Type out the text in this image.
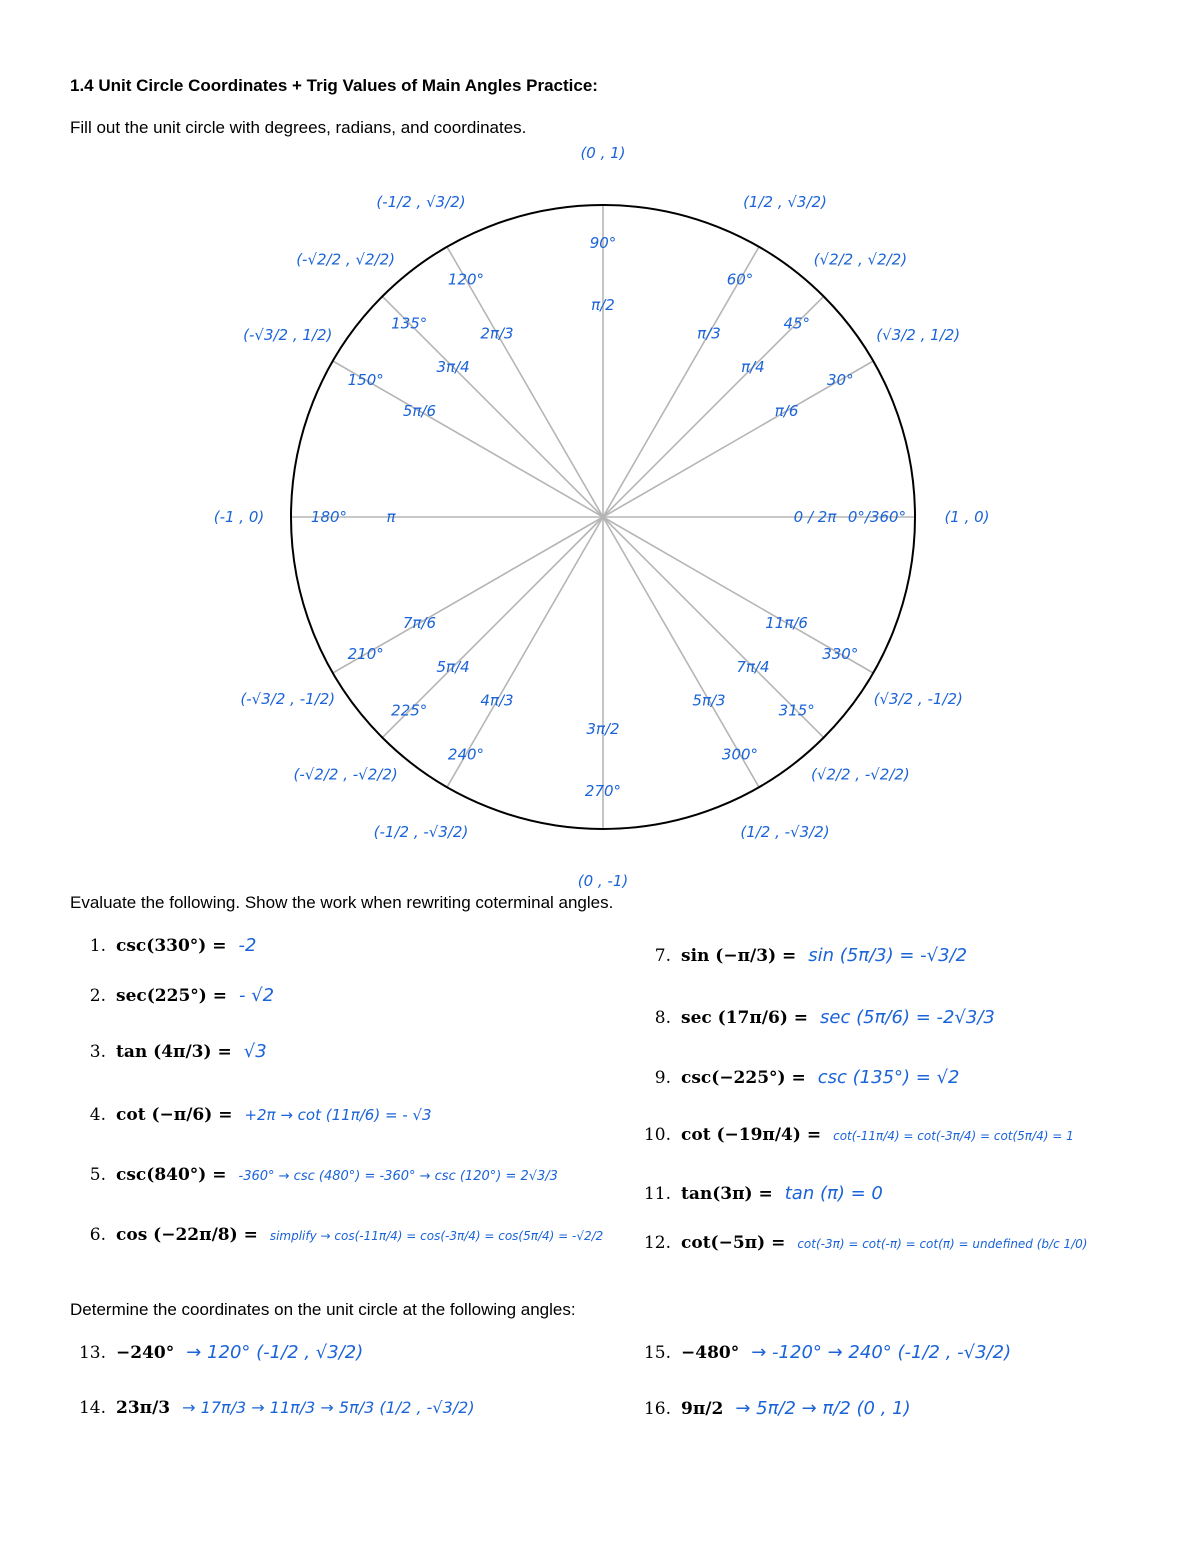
1.4 Unit Circle Coordinates + Trig Values of Main Angles Practice:
Fill out the unit circle with degrees, radians, and coordinates.
0°/360°
0 / 2π	(1 , 0)
30°
π/6
(√3/2 , 1/2)
45°
π/4
(√2/2 , √2/2)
60°
π/3
(1/2 , √3/2)
90°
π/2
(0 , 1)
120°
2π/3
(-1/2 , √3/2)
135°
3π/4
(-√2/2 , √2/2)
150°
5π/6
(-√3/2 , 1/2)
180°	π
(-1 , 0)
210°
7π/6
(-√3/2 , -1/2)
225°
5π/4
(-√2/2 , -√2/2)
240°
4π/3
(-1/2 , -√3/2)
270°
3π/2
(0 , -1)
300°
5π/3
(1/2 , -√3/2)
315°
7π/4
(√2/2 , -√2/2)
330°
11π/6
(√3/2 , -1/2)
Evaluate the following. Show the work when rewriting coterminal angles.
1. csc(330°) = -2
2. sec(225°) = - √2
3. tan (4π/3) = √3
4. cot (−π/6) = +2π → cot (11π/6) = - √3
5. csc(840°) = -360° → csc (480°) = -360° → csc (120°) = 2√3/3
6. cos (−22π/8) = simplify → cos(-11π/4) = cos(-3π/4) = cos(5π/4) = -√2/2
7. sin (−π/3) = sin (5π/3) = -√3/2
8. sec (17π/6) = sec (5π/6) = -2√3/3
9. csc(−225°) = csc (135°) = √2
10. cot (−19π/4) = cot(-11π/4) = cot(-3π/4) = cot(5π/4) = 1
11. tan(3π) = tan (π) = 0
12. cot(−5π) = cot(-3π) = cot(-π) = cot(π) = undefined (b/c 1/0)
Determine the coordinates on the unit circle at the following angles:
13. −240° → 120° (-1/2 , √3/2)
14. 23π/3 → 17π/3 → 11π/3 → 5π/3 (1/2 , -√3/2)
15. −480° → -120° → 240° (-1/2 , -√3/2)
16. 9π/2 → 5π/2 → π/2 (0 , 1)
